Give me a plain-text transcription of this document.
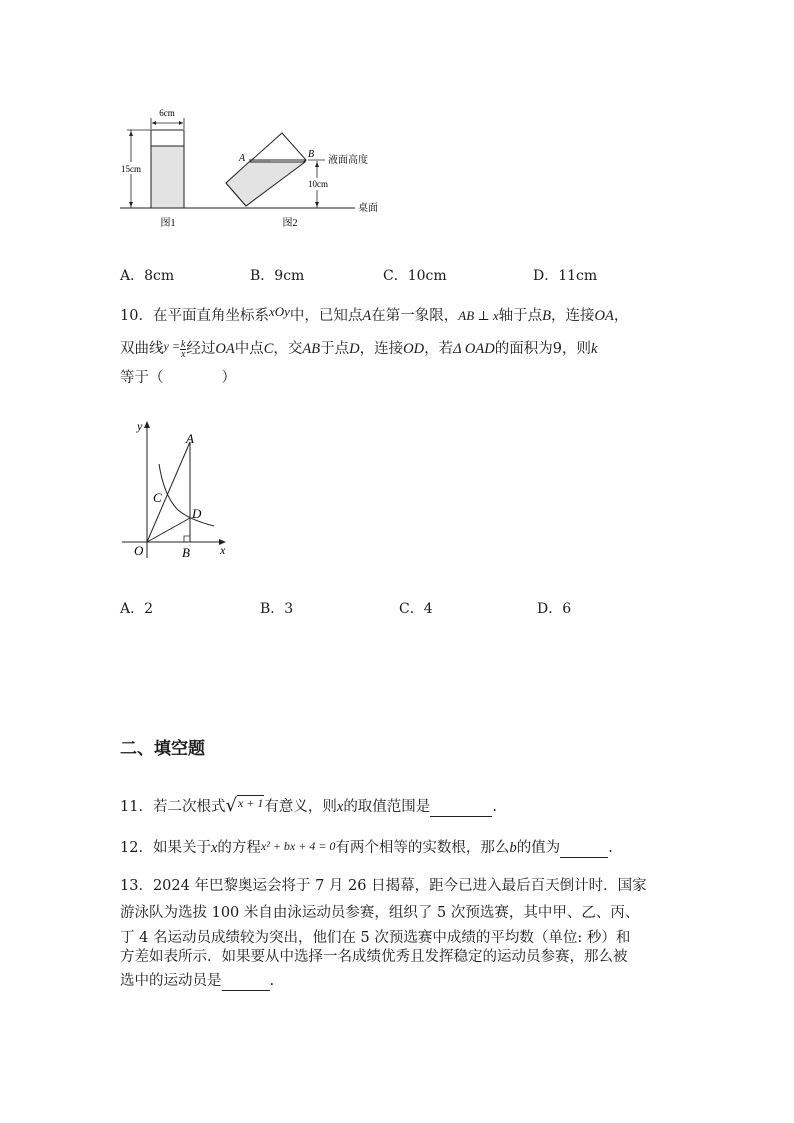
6cm
15cm
图1
A	B
液面高度
10cm
桌面
图2
A．8cm	B．9cm	C．10cm	D．11cm
10．在平面直角坐标系xOy中，已知点A在第一象限，AB ⊥ x轴于点B，连接OA，
双曲线$^{y =} \frac{k}{x}$ 经过OA中点C，交AB于点D，连接OD，若Δ OAD的面积为9，则k
等于（　　　　）
y
A
C
D
O	B	x
A．2	B．3	C．4	D．6
二、填空题
11．若二次根式√$^{x + 1}$有意义，则x的取值范围是	.
12．如果关于x的方程x² + bx + 4 = 0有两个相等的实数根，那么b的值为	.
13．2024 年巴黎奥运会将于 7 月 26 日揭幕，距今已进入最后百天倒计时．国家
游泳队为选拔 100 米自由泳运动员参赛，组织了 5 次预选赛，其中甲、乙、丙、
丁 4 名运动员成绩较为突出，他们在 5 次预选赛中成绩的平均数（单位: 秒）和
方差如表所示．如果要从中选择一名成绩优秀且发挥稳定的运动员参赛，那么被
选中的运动员是	.
